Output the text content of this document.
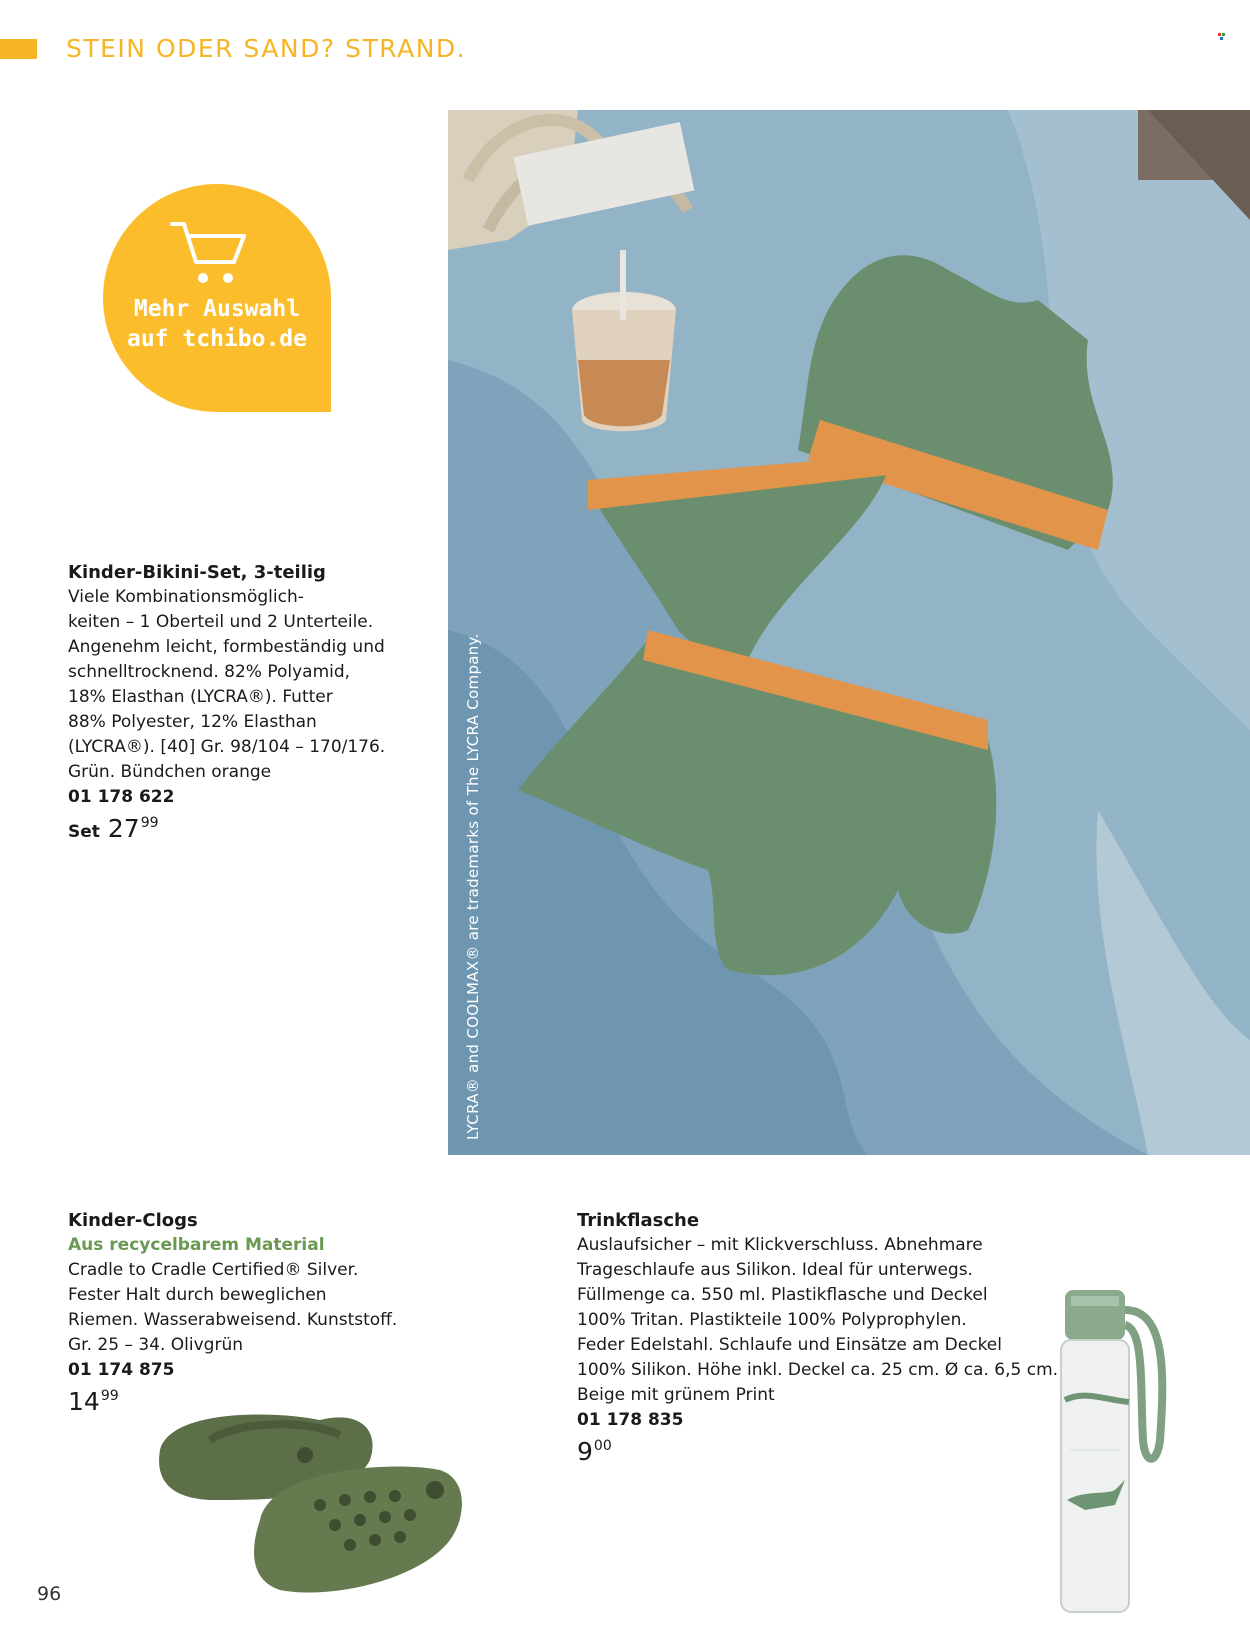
STEIN ODER SAND? STRAND.
Mehr Auswahl
auf tchibo.de
LYCRA® and COOLMAX® are trademarks of The LYCRA Company.
Kinder-Bikini-Set, 3-teilig
Viele Kombinationsmöglich-
keiten – 1 Oberteil und 2 Unterteile.
Angenehm leicht, formbeständig und
schnelltrocknend. 82% Polyamid,
18% Elasthan (LYCRA®). Futter
88% Polyester, 12% Elasthan
(LYCRA®). [40] Gr. 98/104 – 170/176.
Grün. Bündchen orange
01 178 622
Set $27^{99}$
Kinder-Clogs
Aus recycelbarem Material
Cradle to Cradle Certified® Silver.
Fester Halt durch beweglichen
Riemen. Wasserabweisend. Kunststoff.
Gr. 25 – 34. Olivgrün
01 174 875
$14^{99}$
Trinkflasche
Auslaufsicher – mit Klickverschluss. Abnehmare
Trageschlaufe aus Silikon. Ideal für unterwegs.
Füllmenge ca. 550 ml. Plastikflasche und Deckel
100% Tritan. Plastikteile 100% Polyprophylen.
Feder Edelstahl. Schlaufe und Einsätze am Deckel
100% Silikon. Höhe inkl. Deckel ca. 25 cm. Ø ca. 6,5 cm.
Beige mit grünem Print
01 178 835
$9^{00}$
96
